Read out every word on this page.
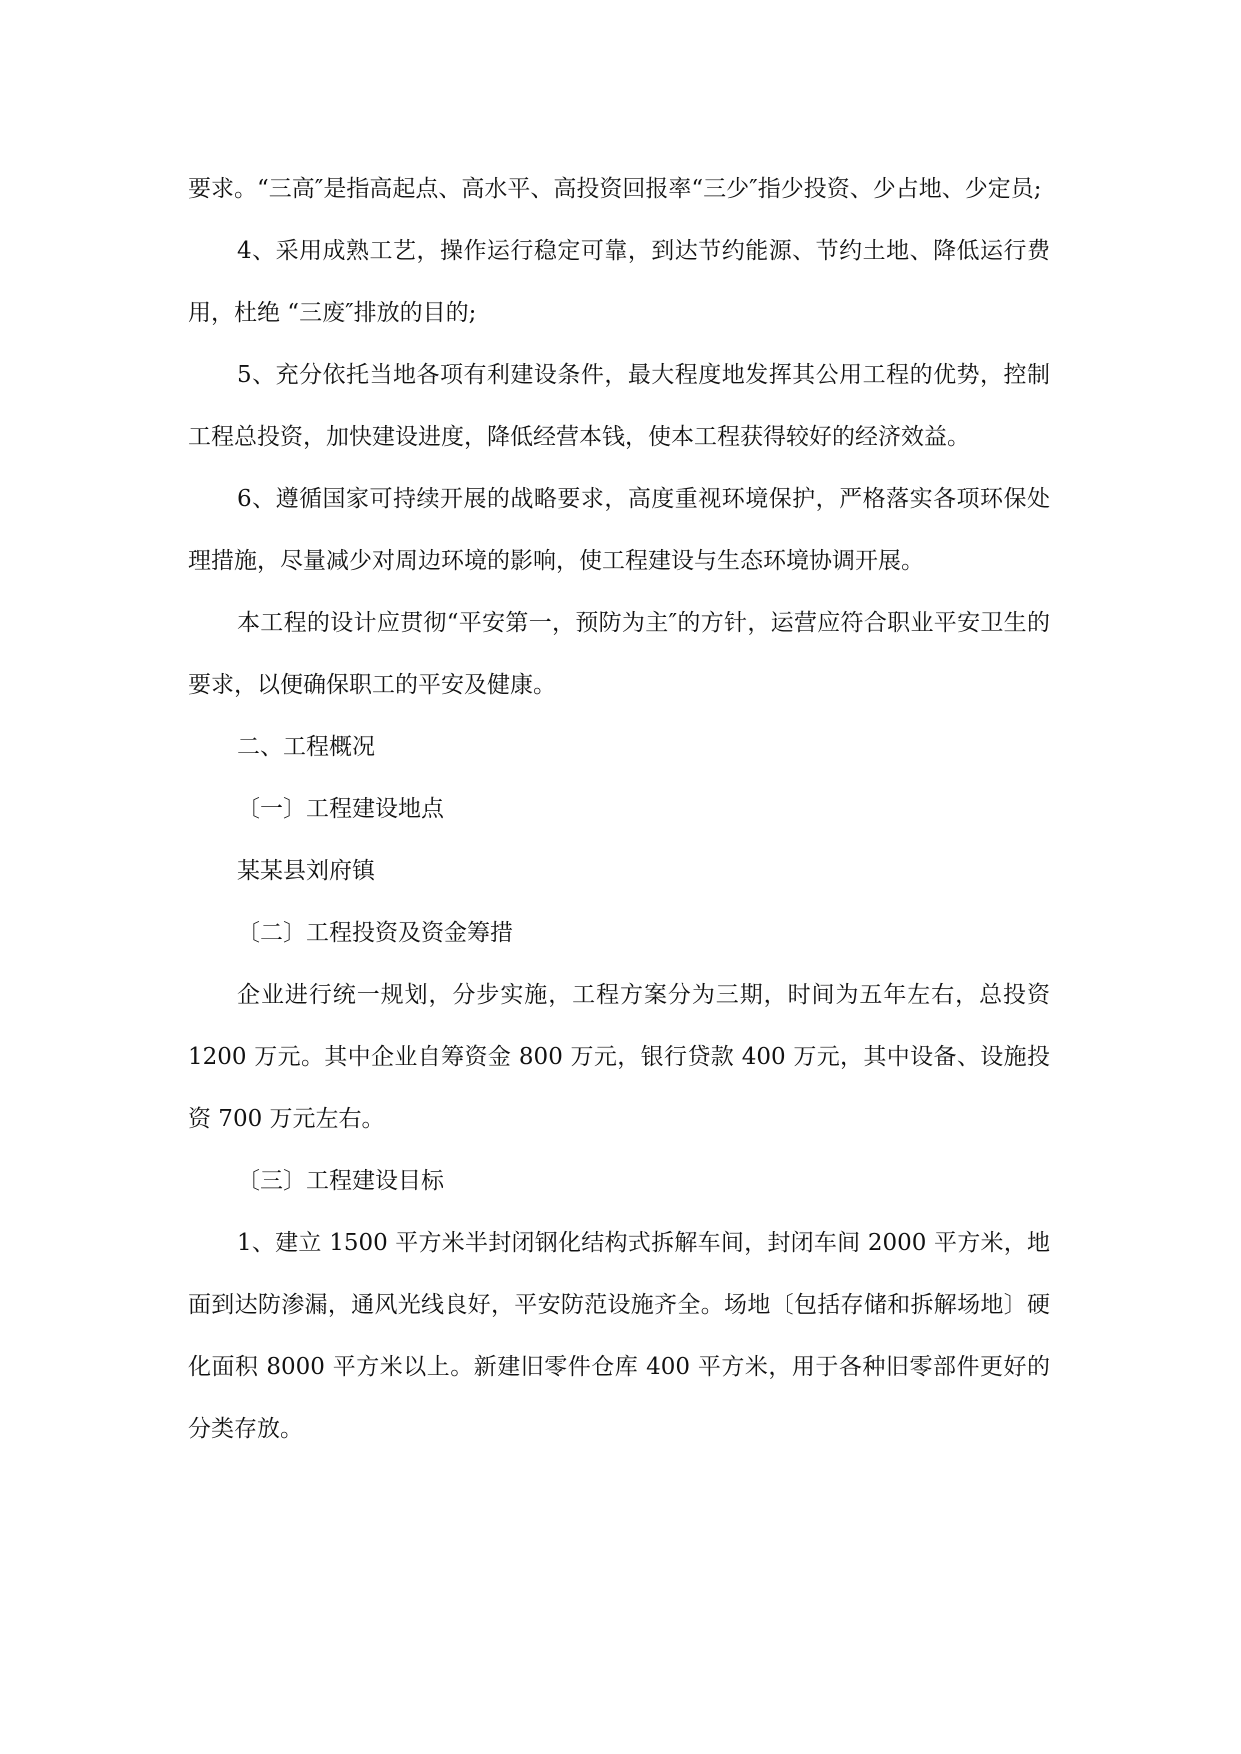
要求。“三高″是指高起点、高水平、高投资回报率“三少″指少投资、少占地、少定员;

4、采用成熟工艺，操作运行稳定可靠，到达节约能源、节约土地、降低运行费用，杜绝 “三废″排放的目的;

5、充分依托当地各项有利建设条件，最大程度地发挥其公用工程的优势，控制工程总投资，加快建设进度，降低经营本钱，使本工程获得较好的经济效益。

6、遵循国家可持续开展的战略要求，高度重视环境保护，严格落实各项环保处理措施，尽量减少对周边环境的影响，使工程建设与生态环境协调开展。

本工程的设计应贯彻“平安第一，预防为主″的方针，运营应符合职业平安卫生的要求，以便确保职工的平安及健康。

二、工程概况

〔一〕工程建设地点

某某县刘府镇

〔二〕工程投资及资金筹措

企业进行统一规划，分步实施，工程方案分为三期，时间为五年左右，总投资 1200 万元。其中企业自筹资金 800 万元，银行贷款 400 万元，其中设备、设施投资 700 万元左右。

〔三〕工程建设目标

1、建立 1500 平方米半封闭钢化结构式拆解车间，封闭车间 2000 平方米，地面到达防渗漏，通风光线良好，平安防范设施齐全。场地〔包括存储和拆解场地〕硬化面积 8000 平方米以上。新建旧零件仓库 400 平方米，用于各种旧零部件更好的分类存放。
